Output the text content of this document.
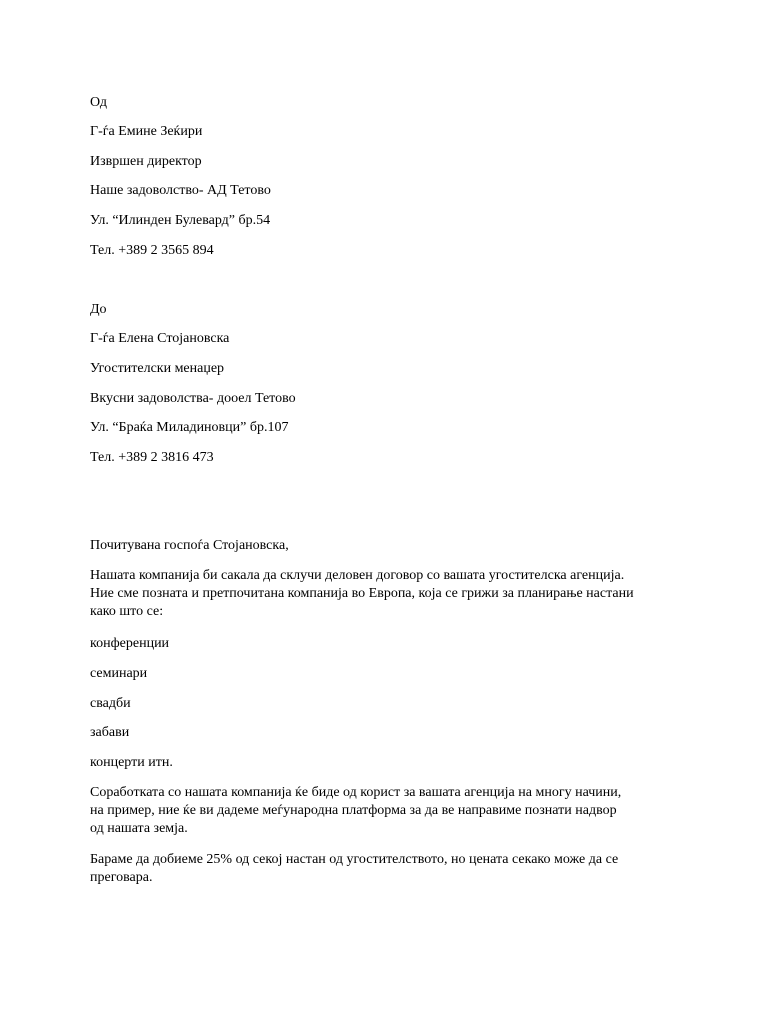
Од
Г-ѓа Емине Зеќири
Извршен директор
Наше задоволство- АД Тетово
Ул. “Илинден Булевард” бр.54
Тел. +389 2 3565 894
До
Г-ѓа Елена Стојановска
Угостителски менаџер
Вкусни задоволства- дооел Тетово
Ул. “Браќа Миладиновци” бр.107
Тел. +389 2 3816 473
Почитувана госпоѓа Стојановска,
Нашата компанија би сакала да склучи деловен договор со вашата угостителска агенција.
Ние сме позната и претпочитана компанија во Европа, која се грижи за планирање настани
како што се:
конференции
семинари
свадби
забави
концерти итн.
Соработката со нашата компанија ќе биде од корист за вашата агенција на многу начини,
на пример, ние ќе ви дадеме меѓународна платформа за да ве направиме познати надвор
од нашата земја.
Бараме да добиеме 25% од секој настан од угостителството, но цената секако може да се
преговара.
